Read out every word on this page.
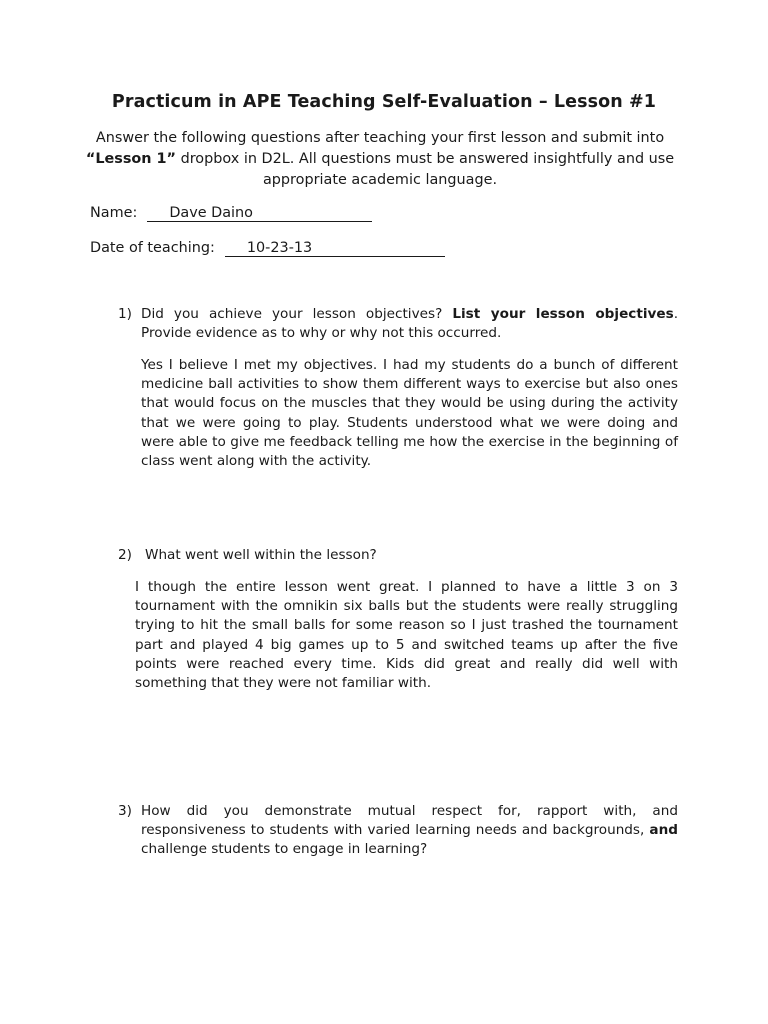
Practicum in APE Teaching Self-Evaluation – Lesson #1
Answer the following questions after teaching your first lesson and submit into “Lesson 1” dropbox in D2L. All questions must be answered insightfully and use appropriate academic language.
Name: Dave Daino
Date of teaching: 10-23-13
1) Did you achieve your lesson objectives? List your lesson objectives. Provide evidence as to why or why not this occurred.
Yes I believe I met my objectives. I had my students do a bunch of different medicine ball activities to show them different ways to exercise but also ones that would focus on the muscles that they would be using during the activity that we were going to play. Students understood what we were doing and were able to give me feedback telling me how the exercise in the beginning of class went along with the activity.
2) What went well within the lesson?
I though the entire lesson went great. I planned to have a little 3 on 3 tournament with the omnikin six balls but the students were really struggling trying to hit the small balls for some reason so I just trashed the tournament part and played 4 big games up to 5 and switched teams up after the five points were reached every time. Kids did great and really did well with something that they were not familiar with.
3) How did you demonstrate mutual respect for, rapport with, and responsiveness to students with varied learning needs and backgrounds, and challenge students to engage in learning?
